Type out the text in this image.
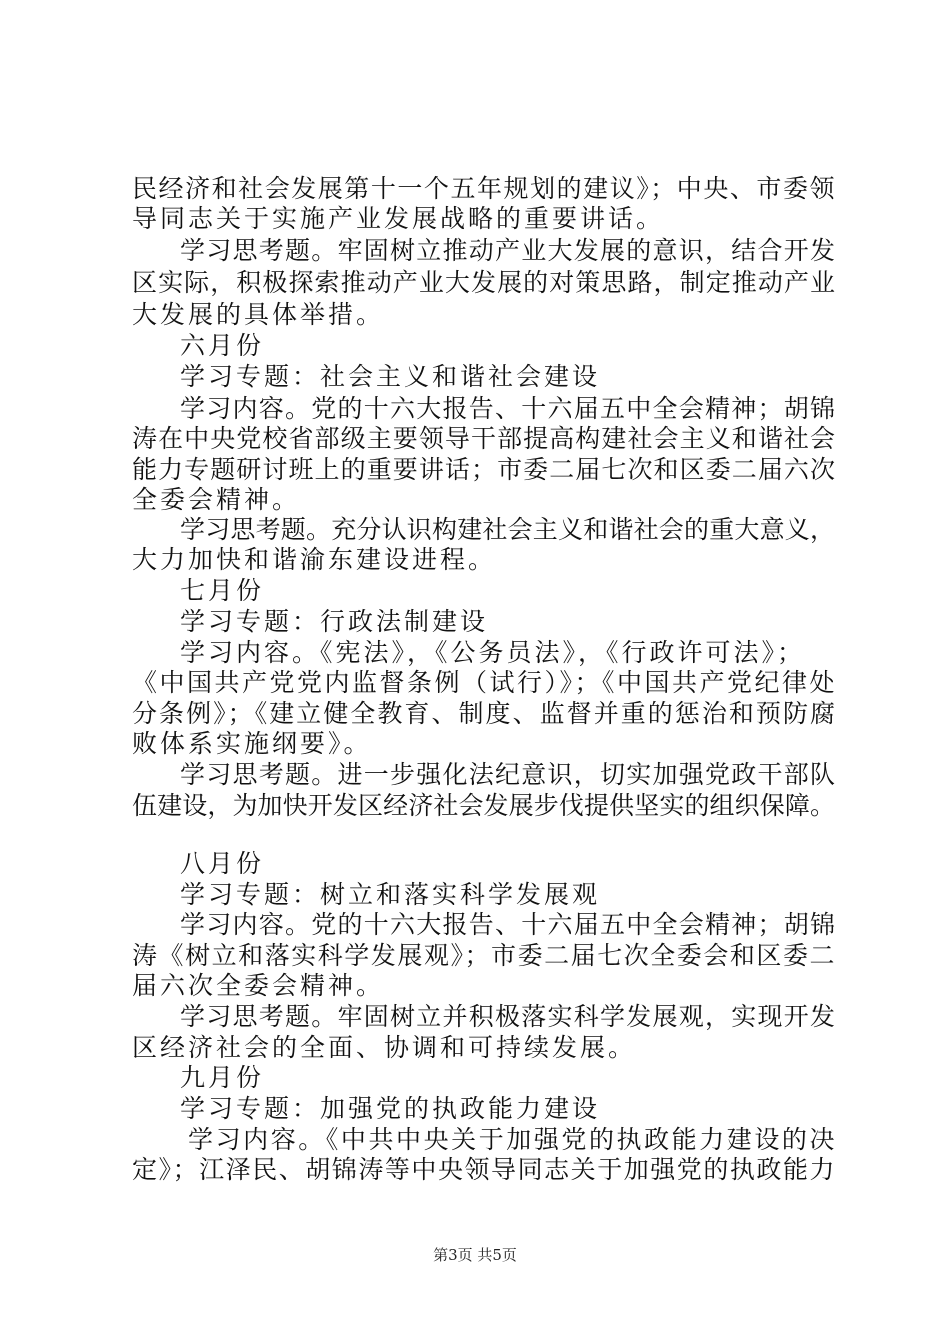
民经济和社会发展第十一个五年规划的建议》；中央、市委领
导同志关于实施产业发展战略的重要讲话。
学习思考题。牢固树立推动产业大发展的意识，结合开发
区实际，积极探索推动产业大发展的对策思路，制定推动产业
大发展的具体举措。
六月份
学习专题：社会主义和谐社会建设
学习内容。党的十六大报告、十六届五中全会精神；胡锦
涛在中央党校省部级主要领导干部提高构建社会主义和谐社会
能力专题研讨班上的重要讲话；市委二届七次和区委二届六次
全委会精神。
学习思考题。充分认识构建社会主义和谐社会的重大意义，
大力加快和谐渝东建设进程。
七月份
学习专题：行政法制建设
学习内容。《宪法》，《公务员法》，《行政许可法》；
《中国共产党党内监督条例（试行）》；《中国共产党纪律处
分条例》；《建立健全教育、制度、监督并重的惩治和预防腐
败体系实施纲要》。
学习思考题。进一步强化法纪意识，切实加强党政干部队
伍建设，为加快开发区经济社会发展步伐提供坚实的组织保障。
八月份
学习专题：树立和落实科学发展观
学习内容。党的十六大报告、十六届五中全会精神；胡锦
涛《树立和落实科学发展观》；市委二届七次全委会和区委二
届六次全委会精神。
学习思考题。牢固树立并积极落实科学发展观，实现开发
区经济社会的全面、协调和可持续发展。
九月份
学习专题：加强党的执政能力建设
学习内容。《中共中央关于加强党的执政能力建设的决
定》；江泽民、胡锦涛等中央领导同志关于加强党的执政能力
第3页 共5页
